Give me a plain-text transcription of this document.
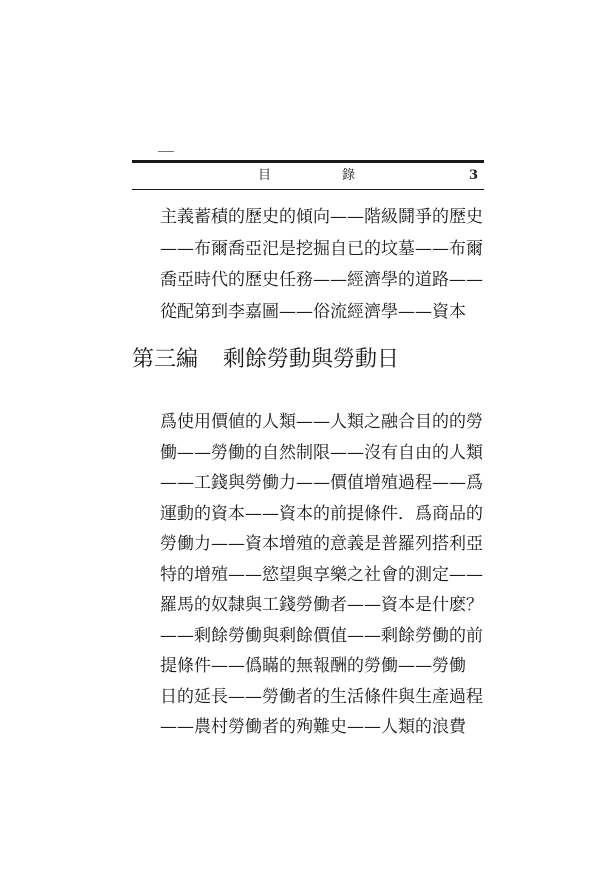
目	錄	3
主義蓄積的歷史的傾向——階級鬪爭的歷史
——布爾喬亞汜是挖掘自已的坟墓——布爾
喬亞時代的歷史任務——經濟學的道路——
從配第到李嘉圖——俗流經濟學——資本
第三編 剩餘勞動與勞動日
爲使用價値的人類——人類之融合目的的勞
働——勞働的自然制限——沒有自由的人類
——工錢與勞働力——價值增殖過程——爲
運動的資本——資本的前提條件．爲商品的
勞働力——資本增殖的意義是普羅列搭利亞
特的增殖——慾望與享樂之社會的測定——
羅馬的奴隸與工錢勞働者——資本是什麽？
——剩餘勞働與剩餘價值——剩餘勞働的前
提條件——僞瞞的無報酬的勞働——勞働
日的延長——勞働者的生活條件與生產過程
——農村勞働者的殉難史——人類的浪費
